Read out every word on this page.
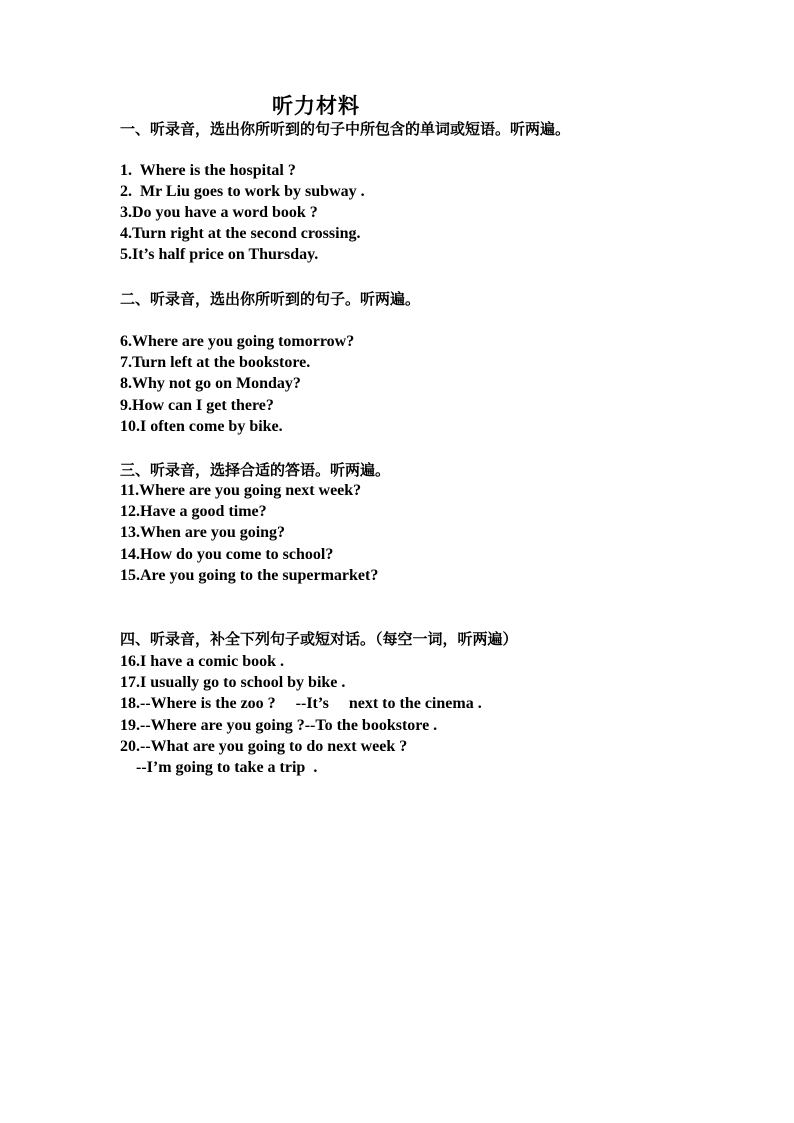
听力材料
一、听录音，选出你所听到的句子中所包含的单词或短语。听两遍。
1.  Where is the hospital ?
2.  Mr Liu goes to work by subway .
3.Do you have a word book ?
4.Turn right at the second crossing.
5.It’s half price on Thursday.
二、听录音，选出你所听到的句子。听两遍。
6.Where are you going tomorrow?
7.Turn left at the bookstore.
8.Why not go on Monday?
9.How can I get there?
10.I often come by bike.
三、听录音，选择合适的答语。听两遍。
11.Where are you going next week?
12.Have a good time?
13.When are you going?
14.How do you come to school?
15.Are you going to the supermarket?
四、听录音，补全下列句子或短对话。（每空一词，听两遍）
16.I have a comic book .
17.I usually go to school by bike .
18.--Where is the zoo ?     --It’s     next to the cinema .
19.--Where are you going ?--To the bookstore .
20.--What are you going to do next week ?
--I’m going to take a trip  .
